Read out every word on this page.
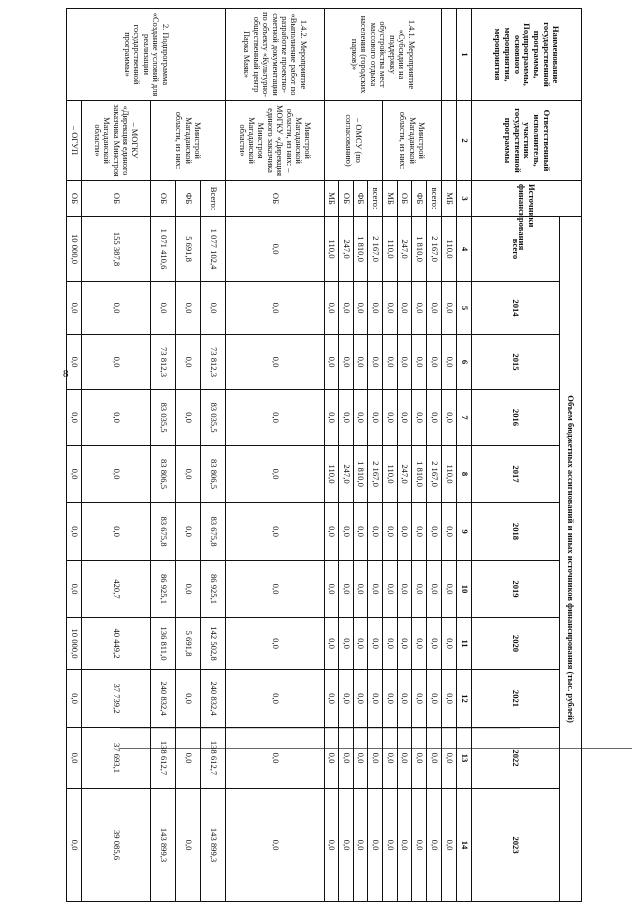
8
Наименование государственной программы, Подпрограммы, основного мероприятия, мероприятия	Ответственный исполнитель, участник государственной программы	Источники финансирования	Объем бюджетных ассигнований и иных источников финансирования (тыс. рублей)										
			всего	2014	2015	2016	2017	2018	2019	2020	2021	2022	2023
1	2	3	4	5	6	7	8	9	10	11	12	13	14
		МБ	110,0	0,0	0,0	0,0	110,0	0,0	0,0	0,0	0,0	0,0	0,0
1.4.1. Мероприятие «Субсидии на поддержку обустройства мест массового отдыха населения (городских парков)»	Минстрой Магаданской области, из них:	всего:	2 167,0	0,0	0,0	0,0	2 167,0	0,0	0,0	0,0	0,0	0,0	0,0
		ФБ	1 810,0	0,0	0,0	0,0	1 810,0	0,0	0,0	0,0	0,0	0,0	0,0
		ОБ	247,0	0,0	0,0	0,0	247,0	0,0	0,0	0,0	0,0	0,0	0,0
		МБ	110,0	0,0	0,0	0,0	110,0	0,0	0,0	0,0	0,0	0,0	0,0
	– ОМСУ (по согласованию)	всего:	2 167,0	0,0	0,0	0,0	2 167,0	0,0	0,0	0,0	0,0	0,0	0,0
		ФБ	1 810,0	0,0	0,0	0,0	1 810,0	0,0	0,0	0,0	0,0	0,0	0,0
		ОБ	247,0	0,0	0,0	0,0	247,0	0,0	0,0	0,0	0,0	0,0	0,0
		МБ	110,0	0,0	0,0	0,0	110,0	0,0	0,0	0,0	0,0	0,0	0,0
1.4.2. Мероприятие «Выполнение работ по разработке проектно-сметной документации по объекту «Культурно-общественный центр Парка Маяк»	Минстрой Магаданской области, из них: – МОГКУ «Дирекция единого заказчика Минстроя Магаданской области»	ОБ	0,0	0,0	0,0	0,0	0,0	0,0	0,0	0,0	0,0	0,0	0,0
2. Подпрограмма «Создание условий для реализации государственной программы»	Минстрой Магаданской области, из них:	Всего:	1 077 102,4	0,0	73 812,3	83 035,5	83 806,5	83 675,8	86 925,1	142 502,8	240 832,4	138 612,7	143 899,3
		ФБ	5 691,8	0,0	0,0	0,0	0,0	0,0	0,0	5 691,8	0,0	0,0	0,0
		ОБ	1 071 410,6	0,0	73 812,3	83 035,5	83 806,5	83 675,8	86 925,1	136 811,0	240 832,4	138 612,7	143 899,3
	– МОГКУ «Дирекция единого заказчика Минстроя Магаданской области»	ОБ	155 387,8	0,0	0,0	0,0	0,0	0,0	420,7	40 449,2	37 739,2	37 693,1	39 085,6
	– ОГУП	ОБ	10 000,0	0,0	0,0	0,0	0,0	0,0	0,0	10 000,0	0,0	0,0	0,0
